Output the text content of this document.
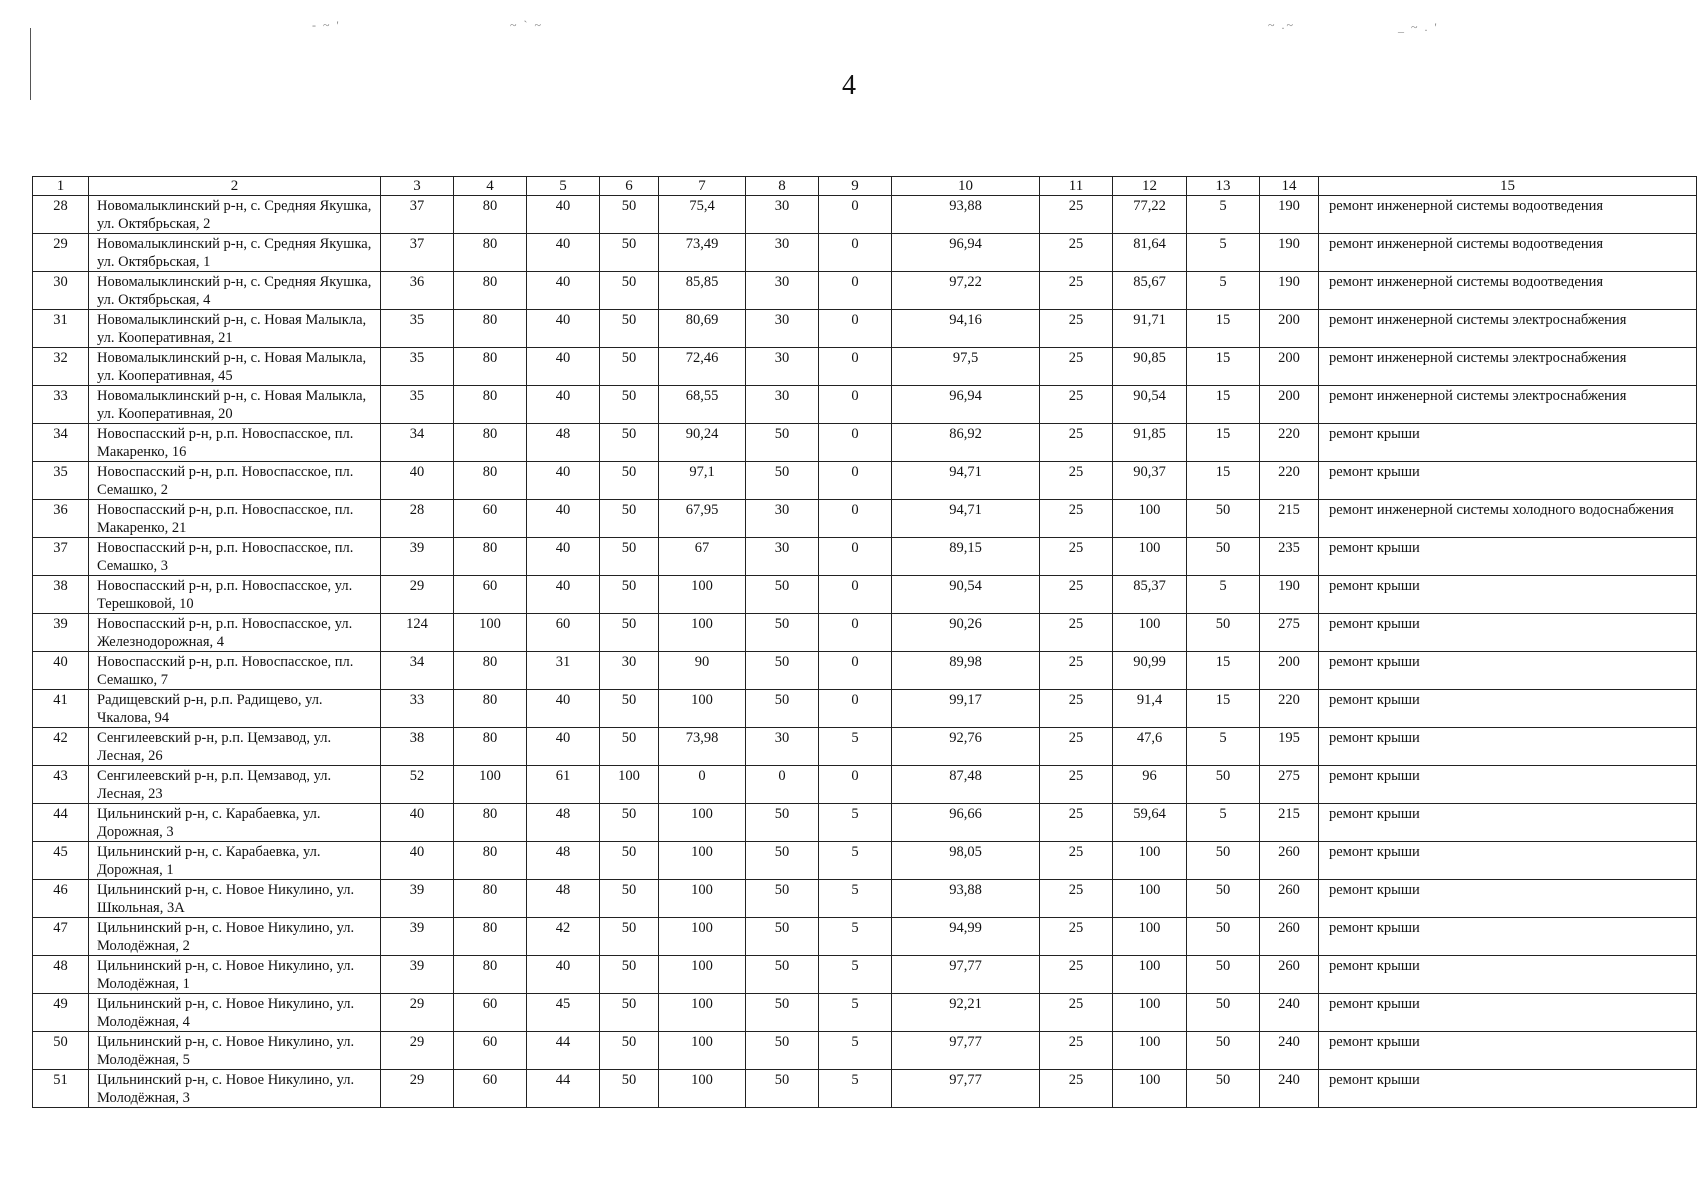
- ~ '	~ ` ~	~ .~	_ ~ . '
4
1	2	3	4	5	6	7	8	9	10	11	12	13	14	15
28	Новомалыклинский р-н, с. Средняя Якушка, ул. Октябрьская, 2	37	80	40	50	75,4	30	0	93,88	25	77,22	5	190	ремонт инженерной системы водоотведения
29	Новомалыклинский р-н, с. Средняя Якушка, ул. Октябрьская, 1	37	80	40	50	73,49	30	0	96,94	25	81,64	5	190	ремонт инженерной системы водоотведения
30	Новомалыклинский р-н, с. Средняя Якушка, ул. Октябрьская, 4	36	80	40	50	85,85	30	0	97,22	25	85,67	5	190	ремонт инженерной системы водоотведения
31	Новомалыклинский р-н, с. Новая Малыкла, ул. Кооперативная, 21	35	80	40	50	80,69	30	0	94,16	25	91,71	15	200	ремонт инженерной системы электроснабжения
32	Новомалыклинский р-н, с. Новая Малыкла, ул. Кооперативная, 45	35	80	40	50	72,46	30	0	97,5	25	90,85	15	200	ремонт инженерной системы электроснабжения
33	Новомалыклинский р-н, с. Новая Малыкла, ул. Кооперативная, 20	35	80	40	50	68,55	30	0	96,94	25	90,54	15	200	ремонт инженерной системы электроснабжения
34	Новоспасский р-н, р.п. Новоспасское, пл. Макаренко, 16	34	80	48	50	90,24	50	0	86,92	25	91,85	15	220	ремонт крыши
35	Новоспасский р-н, р.п. Новоспасское, пл. Семашко, 2	40	80	40	50	97,1	50	0	94,71	25	90,37	15	220	ремонт крыши
36	Новоспасский р-н, р.п. Новоспасское, пл. Макаренко, 21	28	60	40	50	67,95	30	0	94,71	25	100	50	215	ремонт инженерной системы холодного водоснабжения
37	Новоспасский р-н, р.п. Новоспасское, пл. Семашко, 3	39	80	40	50	67	30	0	89,15	25	100	50	235	ремонт крыши
38	Новоспасский р-н, р.п. Новоспасское, ул. Терешковой, 10	29	60	40	50	100	50	0	90,54	25	85,37	5	190	ремонт крыши
39	Новоспасский р-н, р.п. Новоспасское, ул. Железнодорожная, 4	124	100	60	50	100	50	0	90,26	25	100	50	275	ремонт крыши
40	Новоспасский р-н, р.п. Новоспасское, пл. Семашко, 7	34	80	31	30	90	50	0	89,98	25	90,99	15	200	ремонт крыши
41	Радищевский р-н, р.п. Радищево, ул. Чкалова, 94	33	80	40	50	100	50	0	99,17	25	91,4	15	220	ремонт крыши
42	Сенгилеевский р-н, р.п. Цемзавод, ул. Лесная, 26	38	80	40	50	73,98	30	5	92,76	25	47,6	5	195	ремонт крыши
43	Сенгилеевский р-н, р.п. Цемзавод, ул. Лесная, 23	52	100	61	100	0	0	0	87,48	25	96	50	275	ремонт крыши
44	Цильнинский р-н, с. Карабаевка, ул. Дорожная, 3	40	80	48	50	100	50	5	96,66	25	59,64	5	215	ремонт крыши
45	Цильнинский р-н, с. Карабаевка, ул. Дорожная, 1	40	80	48	50	100	50	5	98,05	25	100	50	260	ремонт крыши
46	Цильнинский р-н, с. Новое Никулино, ул. Школьная, 3А	39	80	48	50	100	50	5	93,88	25	100	50	260	ремонт крыши
47	Цильнинский р-н, с. Новое Никулино, ул. Молодёжная, 2	39	80	42	50	100	50	5	94,99	25	100	50	260	ремонт крыши
48	Цильнинский р-н, с. Новое Никулино, ул. Молодёжная, 1	39	80	40	50	100	50	5	97,77	25	100	50	260	ремонт крыши
49	Цильнинский р-н, с. Новое Никулино, ул. Молодёжная, 4	29	60	45	50	100	50	5	92,21	25	100	50	240	ремонт крыши
50	Цильнинский р-н, с. Новое Никулино, ул. Молодёжная, 5	29	60	44	50	100	50	5	97,77	25	100	50	240	ремонт крыши
51	Цильнинский р-н, с. Новое Никулино, ул. Молодёжная, 3	29	60	44	50	100	50	5	97,77	25	100	50	240	ремонт крыши
